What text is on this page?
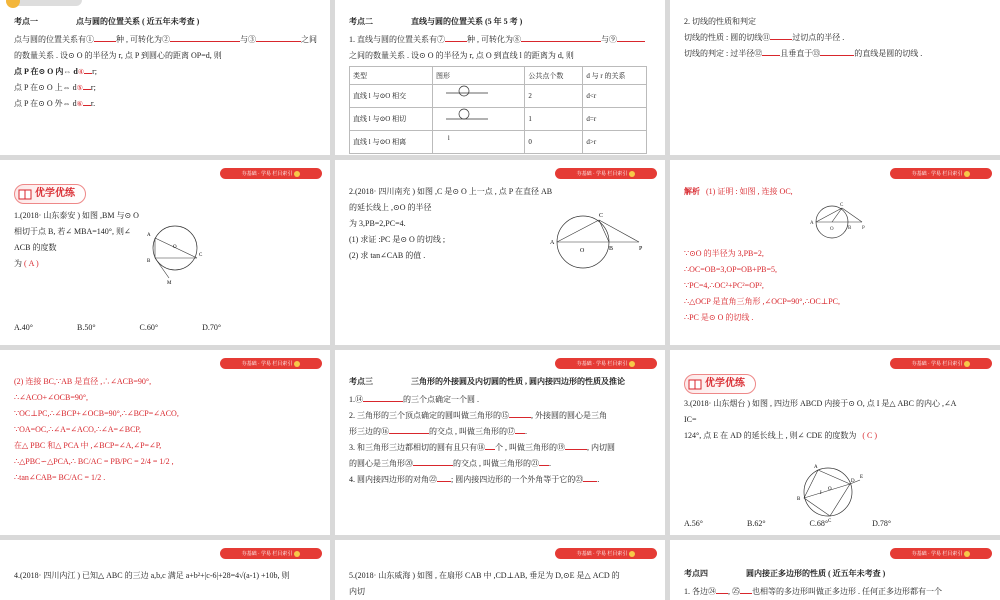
考点一	点与圆的位置关系 ( 近五年未考查 )
点与圆的位置关系有①	种 , 可转化为②	与③	之间
的数量关系 . 设⊙ O 的半径为 r, 点 P 到圆心的距离 OP=d, 则
点 P 在⊙ O 内⇔ d④ r;
点 P 在⊙ O 上⇔ d⑤ r;
点 P 在⊙ O 外⇔ d⑥ r.
考点二	直线与圆的位置关系 (5 年 5 考 )
1. 直线与圆的位置关系有⑦	种 , 可转化为⑧	与⑨
之间的数量关系 . 设⊙ O 的半径为 r, 点 O 到直线 l 的距离为 d, 则
类型	图形	公共点个数	d 与 r 的关系
直线 l 与⊙O 相交		2	d<r
直线 l 与⊙O 相切		1	d=r
直线 l 与⊙O 相离	l	0	d>r
2. 切线的性质和判定
切线的性质 : 圆的切线⑪	过切点的半径 .
切线的判定 : 过半径⑫ 且垂直于⑬	的直线是圆的切线 .
夯基础 · 学易 栏目索引
优学优练
1.(2018· 山东泰安 ) 如图 ,BM 与⊙ O 相切于点 B, 若∠ MBA=140°, 则∠ ACB 的度数
为 ( A )
A
B
C
O
M
A.40°	B.50°	C.60°	D.70°
夯基础 · 学易 栏目索引
2.(2018· 四川南充 ) 如图 ,C 是⊙ O 上一点 , 点 P 在直径 AB 的延长线上 ,⊙O 的半径
为 3,PB=2,PC=4.
(1) 求证 :PC 是⊙ O 的切线 ;
(2) 求 tan∠CAB 的值 .
A
C
O	B	P
夯基础 · 学易 栏目索引
解析 (1) 证明 : 如图 , 连接 OC,
A
C
O	B P
∵⊙O 的半径为 3,PB=2,
∴OC=OB=3,OP=OB+PB=5,
∵PC=4,∴OC²+PC²=OP²,
∴△OCP 是直角三角形 ,∠OCP=90°,∴OC⊥PC,
∴PC 是⊙ O 的切线 .
夯基础 · 学易 栏目索引
(2) 连接 BC,∵AB 是直径 ,∴∠ACB=90°,
∴∠ACO+∠OCB=90°,
∵OC⊥PC,∴∠BCP+∠OCB=90°,∴∠BCP=∠ACO,
∵OA=OC,∴∠A=∠ACO,∴∠A=∠BCP,
在△ PBC 和△ PCA 中 ,∠BCP=∠A,∠P=∠P,
∴△PBC∽△PCA,∴ BC/AC = PB/PC = 2/4 = 1/2 ,
∴tan∠CAB= BC/AC = 1/2 .
夯基础 · 学易 栏目索引
考点三	三角形的外接圆及内切圆的性质 , 圆内接四边形的性质及推论
1.⑭	的三个点确定一个圆 .
2. 三角形的三个顶点确定的圆叫做三角形的⑮	, 外接圆的圆心是三角
形三边的⑯	的交点 , 叫做三角形的⑰ .
3. 和三角形三边都相切的圆有且只有⑱ 个 , 叫做三角形的⑲	, 内切圆
的圆心是三角形⑳	的交点 , 叫做三角形的㉑ .
4. 圆内接四边形的对角㉒ ; 圆内接四边形的一个外角等于它的㉓ .
夯基础 · 学易 栏目索引
优学优练
3.(2018· 山东烟台 ) 如图 , 四边形 ABCD 内接于⊙ O, 点 I 是△ ABC 的内心 ,∠A
IC=
124°, 点 E 在 AD 的延长线上 , 则∠ CDE 的度数为 ( C )
A
B
C
D
E
I
O
A.56°	B.62°	C.68°	D.78°
夯基础 · 学易 栏目索引
4.(2018· 四川内江 ) 已知△ ABC 的三边 a,b,c 满足 a+b²+|c-6|+28=4√(a-1) +10b, 则
夯基础 · 学易 栏目索引
5.(2018· 山东威海 ) 如图 , 在扇形 CAB 中 ,CD⊥AB, 垂足为 D,⊙E 是△ ACD 的
内切
夯基础 · 学易 栏目索引
考点四	圆内接正多边形的性质 ( 近五年未考查 )
1. 各边㉔ , ㉕ 也相等的多边形叫做正多边形 . 任何正多边形都有一个
